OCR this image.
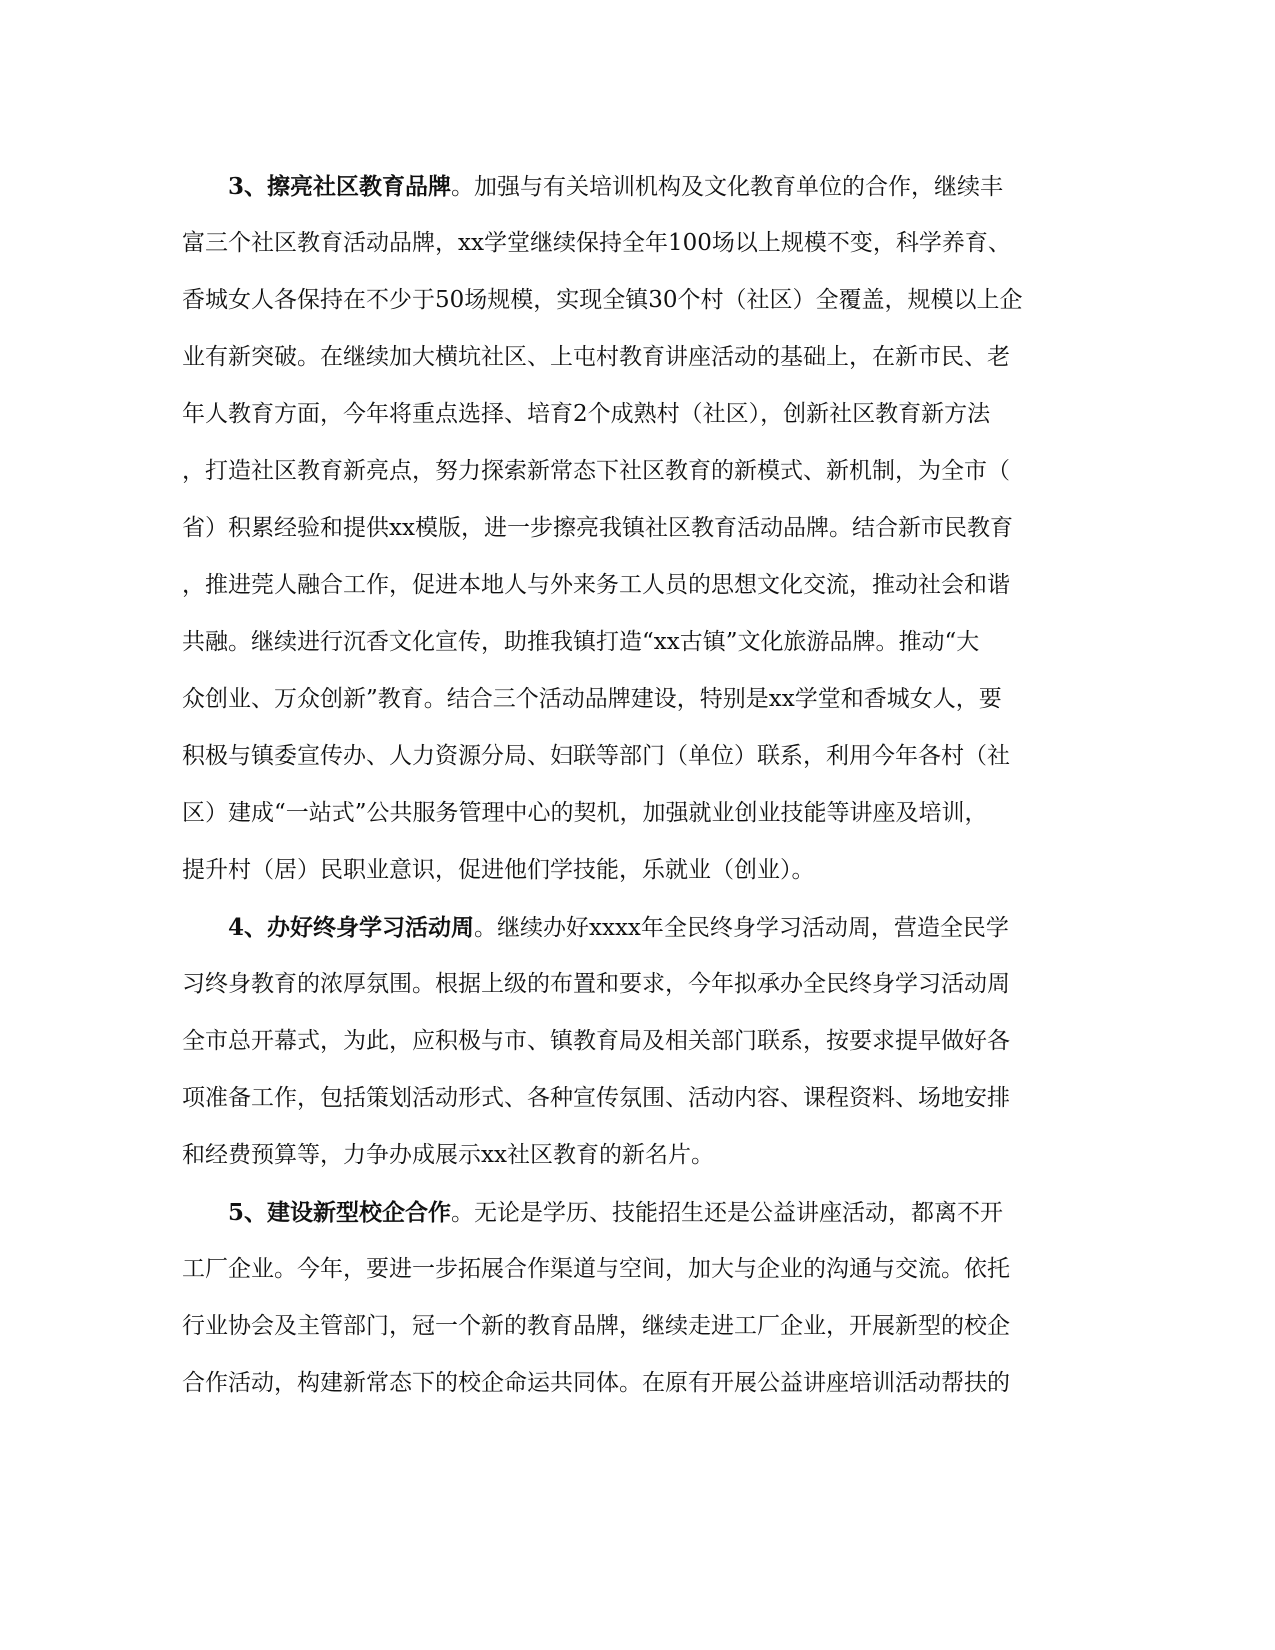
3、擦亮社区教育品牌。加强与有关培训机构及文化教育单位的合作，继续丰
富三个社区教育活动品牌，xx学堂继续保持全年100场以上规模不变，科学养育、
香城女人各保持在不少于50场规模，实现全镇30个村（社区）全覆盖，规模以上企
业有新突破。在继续加大横坑社区、上屯村教育讲座活动的基础上，在新市民、老
年人教育方面，今年将重点选择、培育2个成熟村（社区），创新社区教育新方法
，打造社区教育新亮点，努力探索新常态下社区教育的新模式、新机制，为全市（
省）积累经验和提供xx模版，进一步擦亮我镇社区教育活动品牌。结合新市民教育
，推进莞人融合工作，促进本地人与外来务工人员的思想文化交流，推动社会和谐
共融。继续进行沉香文化宣传，助推我镇打造“xx古镇”文化旅游品牌。推动“大
众创业、万众创新”教育。结合三个活动品牌建设，特别是xx学堂和香城女人，要
积极与镇委宣传办、人力资源分局、妇联等部门（单位）联系，利用今年各村（社
区）建成“一站式”公共服务管理中心的契机，加强就业创业技能等讲座及培训，
提升村（居）民职业意识，促进他们学技能，乐就业（创业）。
4、办好终身学习活动周。继续办好xxxx年全民终身学习活动周，营造全民学
习终身教育的浓厚氛围。根据上级的布置和要求，今年拟承办全民终身学习活动周
全市总开幕式，为此，应积极与市、镇教育局及相关部门联系，按要求提早做好各
项准备工作，包括策划活动形式、各种宣传氛围、活动内容、课程资料、场地安排
和经费预算等，力争办成展示xx社区教育的新名片。
5、建设新型校企合作。无论是学历、技能招生还是公益讲座活动，都离不开
工厂企业。今年，要进一步拓展合作渠道与空间，加大与企业的沟通与交流。依托
行业协会及主管部门，冠一个新的教育品牌，继续走进工厂企业，开展新型的校企
合作活动，构建新常态下的校企命运共同体。在原有开展公益讲座培训活动帮扶的
